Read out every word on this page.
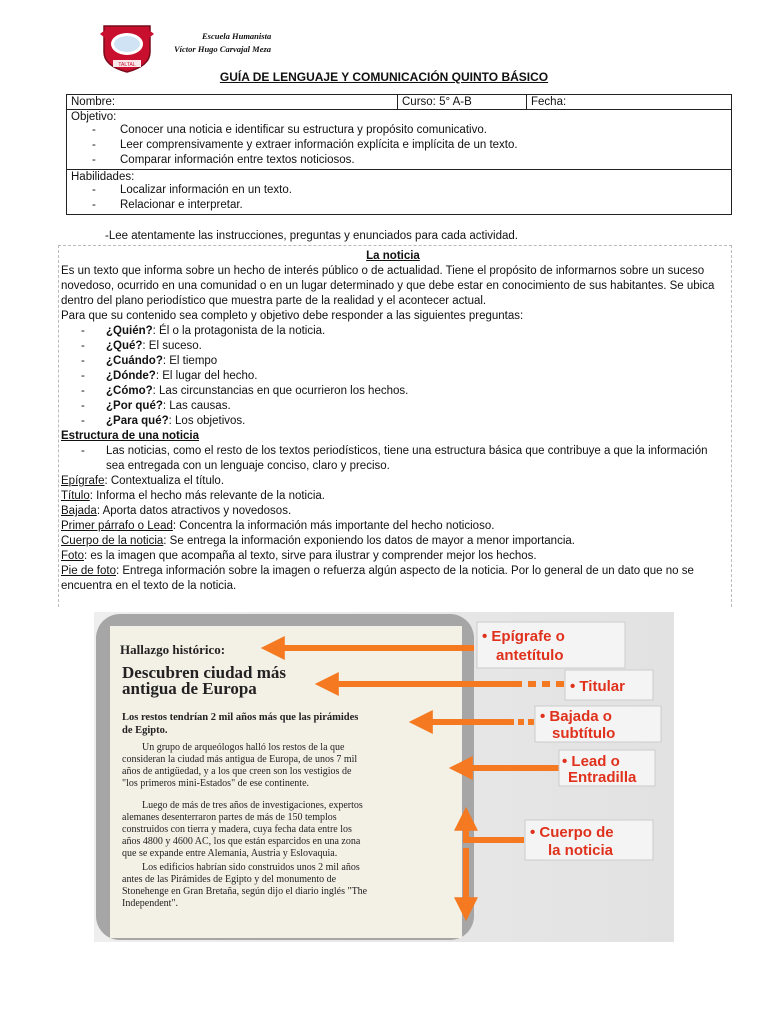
TALTAL
Escuela Humanista
Víctor Hugo Carvajal Meza
GUÍA DE LENGUAJE Y COMUNICACIÓN QUINTO BÁSICO
Nombre:	Curso: 5° A-B	Fecha:

Objetivo:
- Conocer una noticia e identificar su estructura y propósito comunicativo.
- Leer comprensivamente y extraer información explícita e implícita de un texto.
- Comparar información entre textos noticiosos.

Habilidades:
- Localizar información en un texto.
- Relacionar e interpretar.
-Lee atentamente las instrucciones, preguntas y enunciados para cada actividad.

La noticia

Es un texto que informa sobre un hecho de interés público o de actualidad. Tiene el propósito de informarnos sobre un suceso novedoso, ocurrido en una comunidad o en un lugar determinado y que debe estar en conocimiento de sus habitantes. Se ubica dentro del plano periodístico que muestra parte de la realidad y el acontecer actual.

Para que su contenido sea completo y objetivo debe responder a las siguientes preguntas:

- ¿Quién?: Él o la protagonista de la noticia.
- ¿Qué?: El suceso.
- ¿Cuándo?: El tiempo
- ¿Dónde?: El lugar del hecho.
- ¿Cómo?: Las circunstancias en que ocurrieron los hechos.
- ¿Por qué?: Las causas.
- ¿Para qué?: Los objetivos.

Estructura de una noticia

- Las noticias, como el resto de los textos periodísticos, tiene una estructura básica que contribuye a que la información sea entregada con un lenguaje conciso, claro y preciso.

Epígrafe: Contextualiza el título.

Título: Informa el hecho más relevante de la noticia.

Bajada: Aporta datos atractivos y novedosos.

Primer párrafo o Lead: Concentra la información más importante del hecho noticioso.

Cuerpo de la noticia: Se entrega la información exponiendo los datos de mayor a menor importancia.

Foto: es la imagen que acompaña al texto, sirve para ilustrar y comprender mejor los hechos.

Pie de foto: Entrega información sobre la imagen o refuerza algún aspecto de la noticia. Por lo general de un dato que no se encuentra en el texto de la noticia.

Hallazgo histórico:
Descubren ciudad más
antigua de Europa
Los restos tendrían 2 mil años más que las pirámides
de Egipto.
Un grupo de arqueólogos halló los restos de la que
consideran la ciudad más antigua de Europa, de unos 7 mil
años de antigüedad, y a los que creen son los vestigios de
"los primeros mini-Estados" de ese continente.
Luego de más de tres años de investigaciones, expertos
alemanes desenterraron partes de más de 150 templos
construidos con tierra y madera, cuya fecha data entre los
años 4800 y 4600 AC, los que están esparcidos en una zona
que se expande entre Alemania, Austria y Eslovaquia.
Los edificios habrían sido construidos unos 2 mil años
antes de las Pirámides de Egipto y del monumento de
Stonehenge en Gran Bretaña, según dijo el diario inglés "The
Independent".
• Epígrafe o
antetítulo
• Titular
• Bajada o
subtítulo
• Lead o
Entradilla
• Cuerpo de
la noticia
